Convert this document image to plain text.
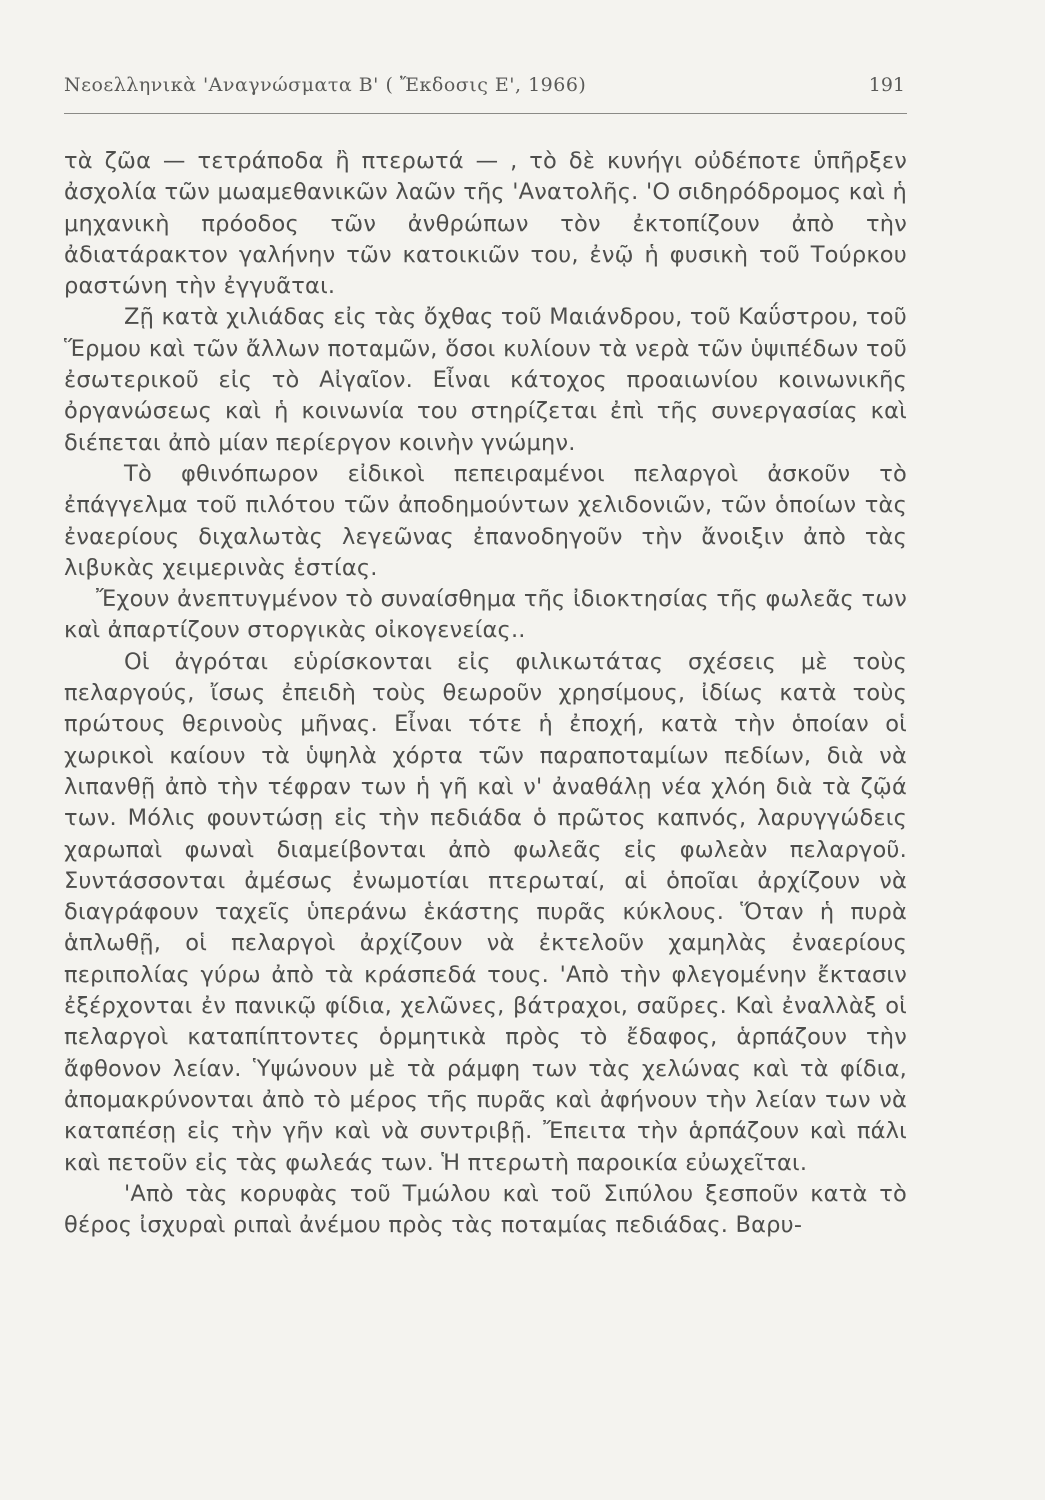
Νεοελληνικὰ 'Αναγνώσματα Β' ( Ἔκδοσις Ε', 1966)	191

τὰ ζῶα — τετράποδα ἢ πτερωτά — , τὸ δὲ κυνήγι οὐδέποτε ὑπῆρξεν ἀσχολία τῶν μωαμεθανικῶν λαῶν τῆς 'Ανατολῆς. 'Ο σιδηρόδρομος καὶ ἡ μηχανικὴ πρόοδος τῶν ἀνθρώπων τὸν ἐκτοπίζουν ἀπὸ τὴν ἀδιατάρακτον γαλήνην τῶν κατοικιῶν του, ἐνῷ ἡ φυσικὴ τοῦ Τούρκου ραστώνη τὴν ἐγγυᾶται.

Ζῇ κατὰ χιλιάδας εἰς τὰς ὄχθας τοῦ Μαιάνδρου, τοῦ Καΰστρου, τοῦ Ἕρμου καὶ τῶν ἄλλων ποταμῶν, ὅσοι κυλίουν τὰ νερὰ τῶν ὑψιπέδων τοῦ ἐσωτερικοῦ εἰς τὸ Αἰγαῖον. Εἶναι κάτοχος προαιωνίου κοινωνικῆς ὀργανώσεως καὶ ἡ κοινωνία του στηρίζεται ἐπὶ τῆς συνεργασίας καὶ διέπεται ἀπὸ μίαν περίεργον κοινὴν γνώμην.

Τὸ φθινόπωρον εἰδικοὶ πεπειραμένοι πελαργοὶ ἀσκοῦν τὸ ἐπάγγελμα τοῦ πιλότου τῶν ἀποδημούντων χελιδονιῶν, τῶν ὁποίων τὰς ἐναερίους διχαλωτὰς λεγεῶνας ἐπανοδηγοῦν τὴν ἄνοιξιν ἀπὸ τὰς λιβυκὰς χειμερινὰς ἑστίας.

Ἔχουν ἀνεπτυγμένον τὸ συναίσθημα τῆς ἰδιοκτησίας τῆς φωλεᾶς των καὶ ἀπαρτίζουν στοργικὰς οἰκογενείας..

Οἱ ἀγρόται εὑρίσκονται εἰς φιλικωτάτας σχέσεις μὲ τοὺς πελαργούς, ἴσως ἐπειδὴ τοὺς θεωροῦν χρησίμους, ἰδίως κατὰ τοὺς πρώτους θερινοὺς μῆνας. Εἶναι τότε ἡ ἐποχή, κατὰ τὴν ὁποίαν οἱ χωρικοὶ καίουν τὰ ὑψηλὰ χόρτα τῶν παραποταμίων πεδίων, διὰ νὰ λιπανθῇ ἀπὸ τὴν τέφραν των ἡ γῆ καὶ ν' ἀναθάλῃ νέα χλόη διὰ τὰ ζῷά των. Μόλις φουντώσῃ εἰς τὴν πεδιάδα ὁ πρῶτος καπνός, λαρυγγώδεις χαρωπαὶ φωναὶ διαμείβονται ἀπὸ φωλεᾶς εἰς φωλεὰν πελαργοῦ. Συντάσσονται ἀμέσως ἐνωμοτίαι πτερωταί, αἱ ὁποῖαι ἀρχίζουν νὰ διαγράφουν ταχεῖς ὑπεράνω ἑκάστης πυρᾶς κύκλους. Ὅταν ἡ πυρὰ ἁπλωθῇ, οἱ πελαργοὶ ἀρχίζουν νὰ ἐκτελοῦν χαμηλὰς ἐναερίους περιπολίας γύρω ἀπὸ τὰ κράσπεδά τους. 'Απὸ τὴν φλεγομένην ἔκτασιν ἐξέρχονται ἐν πανικῷ φίδια, χελῶνες, βάτραχοι, σαῦρες. Καὶ ἐναλλὰξ οἱ πελαργοὶ καταπίπτοντες ὁρμητικὰ πρὸς τὸ ἔδαφος, ἁρπάζουν τὴν ἄφθονον λείαν. Ὑψώνουν μὲ τὰ ράμφη των τὰς χελώνας καὶ τὰ φίδια, ἀπομακρύνονται ἀπὸ τὸ μέρος τῆς πυρᾶς καὶ ἀφήνουν τὴν λείαν των νὰ καταπέσῃ εἰς τὴν γῆν καὶ νὰ συντριβῇ. Ἔπειτα τὴν ἁρπάζουν καὶ πάλι καὶ πετοῦν εἰς τὰς φωλεάς των. Ἡ πτερωτὴ παροικία εὐωχεῖται.

'Απὸ τὰς κορυφὰς τοῦ Τμώλου καὶ τοῦ Σιπύλου ξεσποῦν κατὰ τὸ θέρος ἰσχυραὶ ριπαὶ ἀνέμου πρὸς τὰς ποταμίας πεδιάδας. Βαρυ-
